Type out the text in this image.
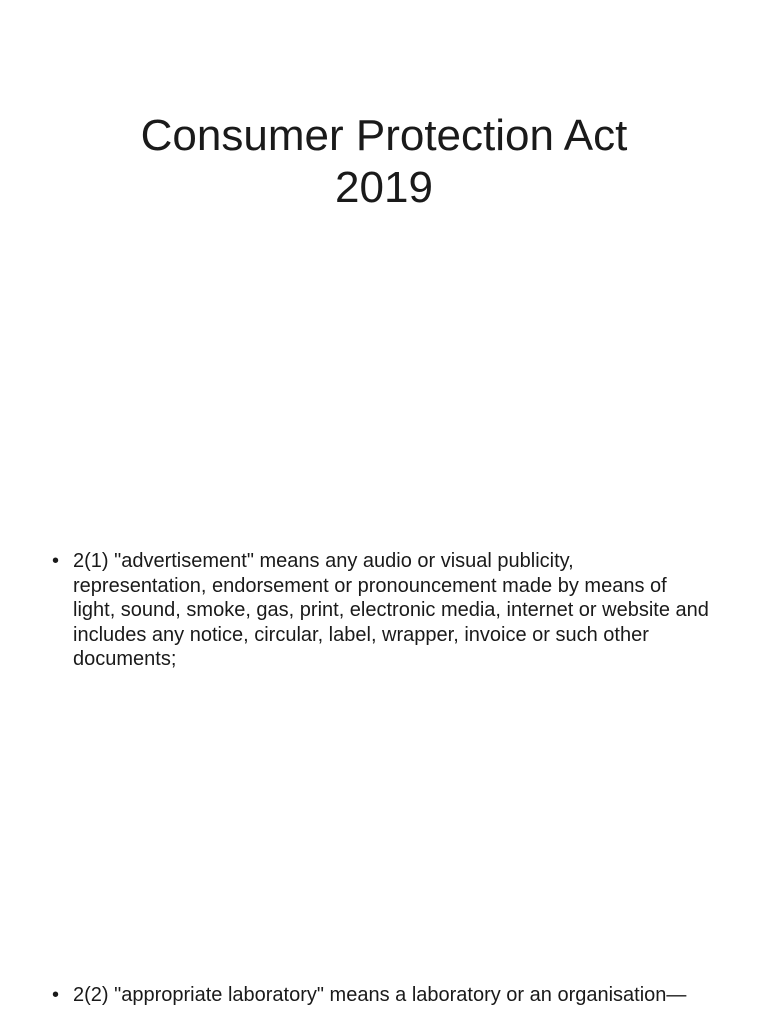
Consumer Protection Act
2019
• 2(1) "advertisement" means any audio or visual publicity, representation, endorsement or pronouncement made by means of light, sound, smoke, gas, print, electronic media, internet or website and includes any notice, circular, label, wrapper, invoice or such other documents;
• 2(2) "appropriate laboratory" means a laboratory or an organisation—
